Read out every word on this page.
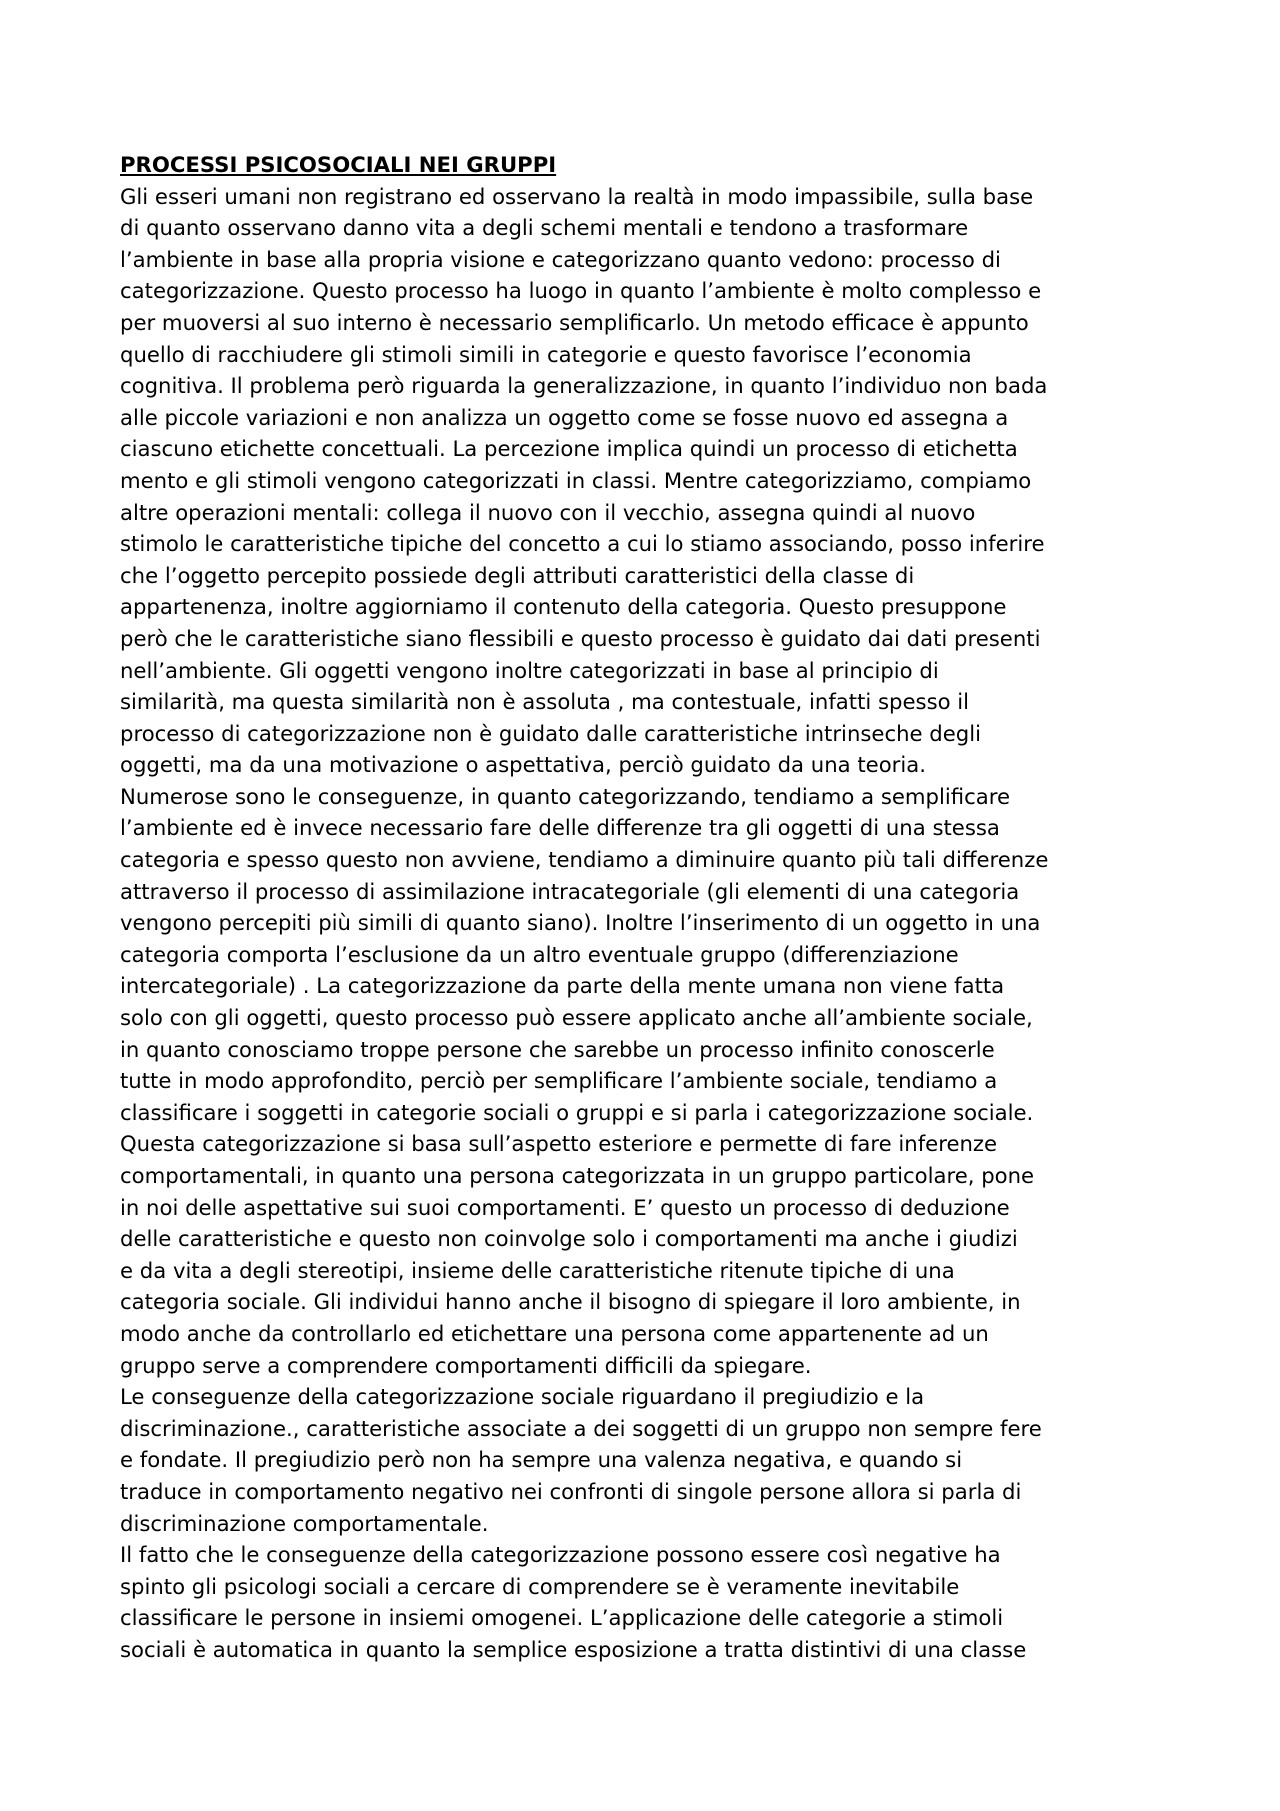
PROCESSI PSICOSOCIALI NEI GRUPPI
Gli esseri umani non registrano ed osservano la realtà in modo impassibile, sulla base
di quanto osservano danno vita a degli schemi mentali e tendono a trasformare
l’ambiente in base alla propria visione e categorizzano quanto vedono: processo di
categorizzazione. Questo processo ha luogo in quanto l’ambiente è molto complesso e
per muoversi al suo interno è necessario semplificarlo. Un metodo efficace è appunto
quello di racchiudere gli stimoli simili in categorie e questo favorisce l’economia
cognitiva. Il problema però riguarda la generalizzazione, in quanto l’individuo non bada
alle piccole variazioni e non analizza un oggetto come se fosse nuovo ed assegna a
ciascuno etichette concettuali. La percezione implica quindi un processo di etichetta
mento e gli stimoli vengono categorizzati in classi. Mentre categorizziamo, compiamo
altre operazioni mentali: collega il nuovo con il vecchio, assegna quindi al nuovo
stimolo le caratteristiche tipiche del concetto a cui lo stiamo associando, posso inferire
che l’oggetto percepito possiede degli attributi caratteristici della classe di
appartenenza, inoltre aggiorniamo il contenuto della categoria. Questo presuppone
però che le caratteristiche siano flessibili e questo processo è guidato dai dati presenti
nell’ambiente. Gli oggetti vengono inoltre categorizzati in base al principio di
similarità, ma questa similarità non è assoluta , ma contestuale, infatti spesso il
processo di categorizzazione non è guidato dalle caratteristiche intrinseche degli
oggetti, ma da una motivazione o aspettativa, perciò guidato da una teoria.
Numerose sono le conseguenze, in quanto categorizzando, tendiamo a semplificare
l’ambiente ed è invece necessario fare delle differenze tra gli oggetti di una stessa
categoria e spesso questo non avviene, tendiamo a diminuire quanto più tali differenze
attraverso il processo di assimilazione intracategoriale (gli elementi di una categoria
vengono percepiti più simili di quanto siano). Inoltre l’inserimento di un oggetto in una
categoria comporta l’esclusione da un altro eventuale gruppo (differenziazione
intercategoriale) . La categorizzazione da parte della mente umana non viene fatta
solo con gli oggetti, questo processo può essere applicato anche all’ambiente sociale,
in quanto conosciamo troppe persone che sarebbe un processo infinito conoscerle
tutte in modo approfondito, perciò per semplificare l’ambiente sociale, tendiamo a
classificare i soggetti in categorie sociali o gruppi e si parla i categorizzazione sociale.
Questa categorizzazione si basa sull’aspetto esteriore e permette di fare inferenze
comportamentali, in quanto una persona categorizzata in un gruppo particolare, pone
in noi delle aspettative sui suoi comportamenti. E’ questo un processo di deduzione
delle caratteristiche e questo non coinvolge solo i comportamenti ma anche i giudizi
e da vita a degli stereotipi, insieme delle caratteristiche ritenute tipiche di una
categoria sociale. Gli individui hanno anche il bisogno di spiegare il loro ambiente, in
modo anche da controllarlo ed etichettare una persona come appartenente ad un
gruppo serve a comprendere comportamenti difficili da spiegare.
Le conseguenze della categorizzazione sociale riguardano il pregiudizio e la
discriminazione., caratteristiche associate a dei soggetti di un gruppo non sempre fere
e fondate. Il pregiudizio però non ha sempre una valenza negativa, e quando si
traduce in comportamento negativo nei confronti di singole persone allora si parla di
discriminazione comportamentale.
Il fatto che le conseguenze della categorizzazione possono essere così negative ha
spinto gli psicologi sociali a cercare di comprendere se è veramente inevitabile
classificare le persone in insiemi omogenei. L’applicazione delle categorie a stimoli
sociali è automatica in quanto la semplice esposizione a tratta distintivi di una classe
